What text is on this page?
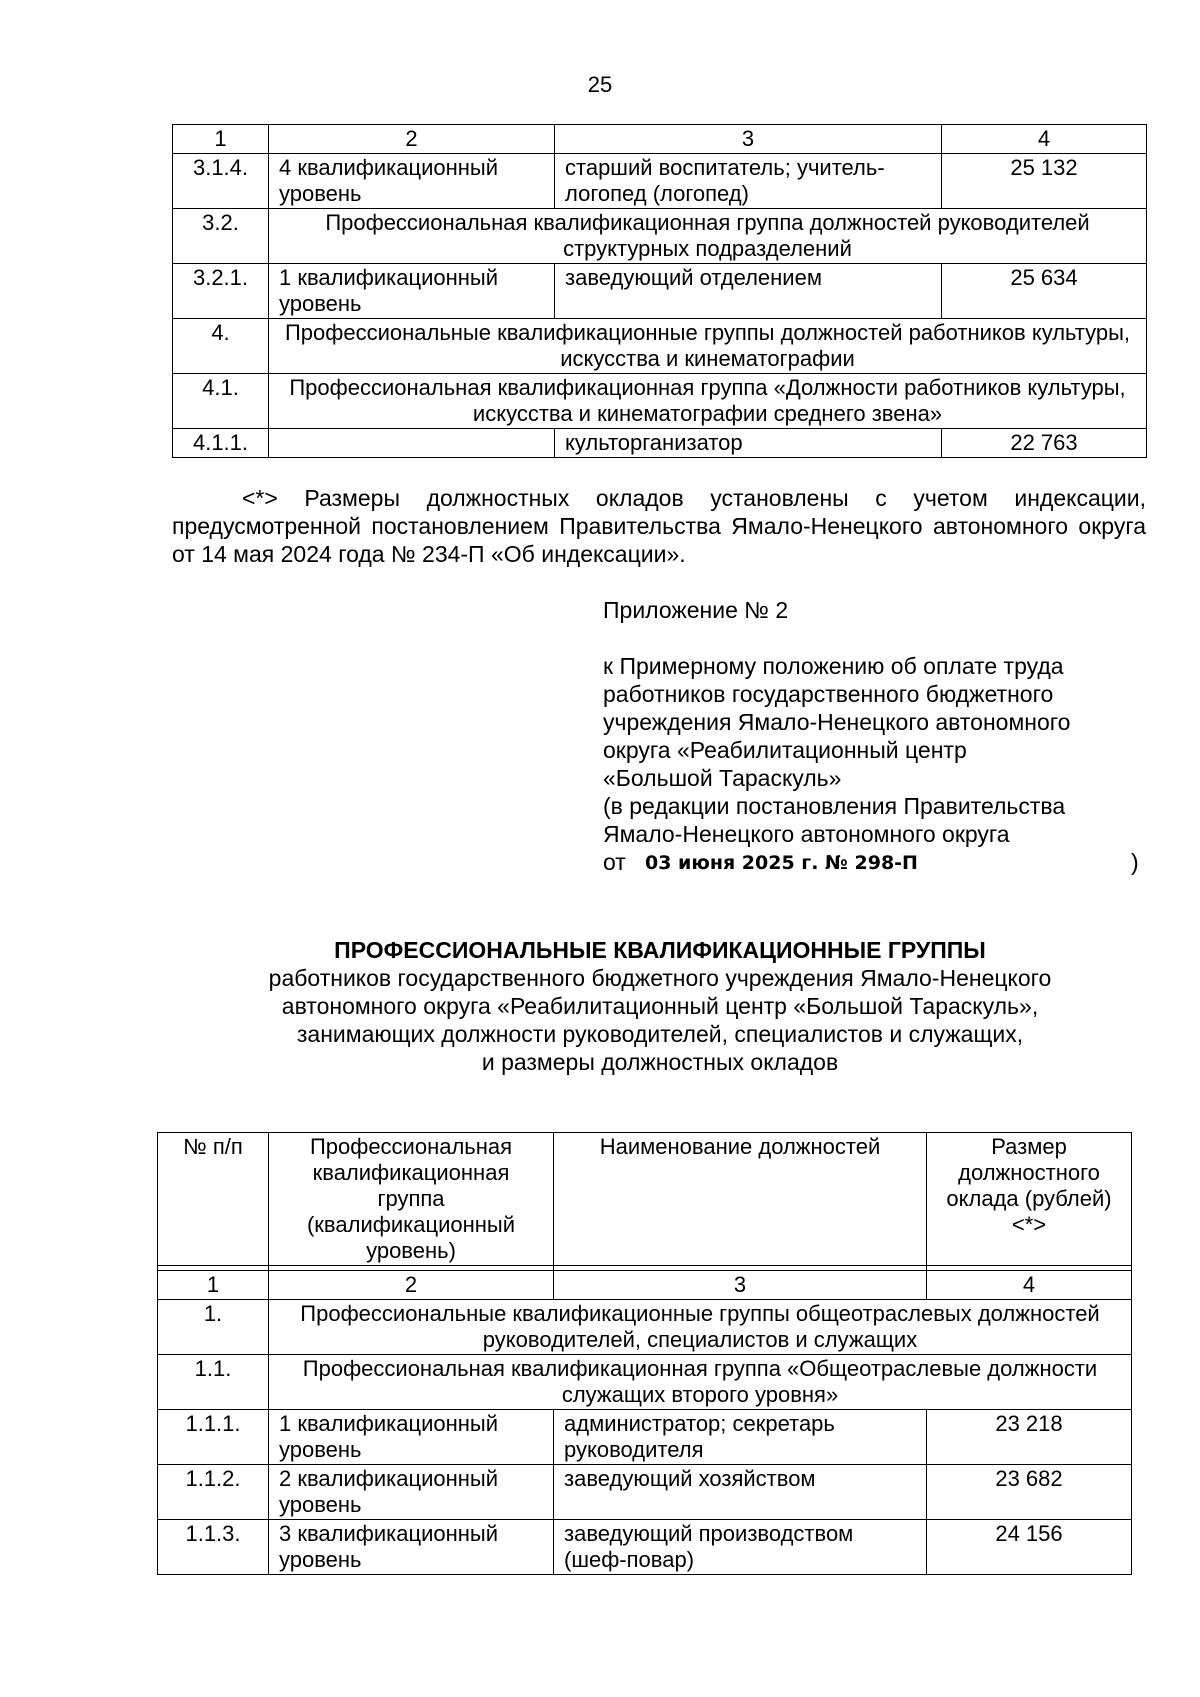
25
1	2	3	4
3.1.4.	4 квалификационный уровень	старший воспитатель; учитель-логопед (логопед)	25 132
3.2.	Профессиональная квалификационная группа должностей руководителей структурных подразделений		
3.2.1.	1 квалификационный уровень	заведующий отделением	25 634
4.	Профессиональные квалификационные группы должностей работников культуры, искусства и кинематографии		
4.1.	Профессиональная квалификационная группа «Должности работников культуры, искусства и кинематографии среднего звена»		
4.1.1.		культорганизатор	22 763
<*> Размеры должностных окладов установлены с учетом индексации, предусмотренной постановлением Правительства Ямало-Ненецкого автономного округа от 14 мая 2024 года № 234-П «Об индексации».
Приложение № 2
к Примерному положению об оплате труда
работников государственного бюджетного
учреждения Ямало-Ненецкого автономного
округа «Реабилитационный центр
«Большой Тараскуль»
(в редакции постановления Правительства
Ямало-Ненецкого автономного округа
от 03 июня 2025 г. № 298-П	)
ПРОФЕССИОНАЛЬНЫЕ КВАЛИФИКАЦИОННЫЕ ГРУППЫ
работников государственного бюджетного учреждения Ямало-Ненецкого
автономного округа «Реабилитационный центр «Большой Тараскуль»,
занимающих должности руководителей, специалистов и служащих,
и размеры должностных окладов
№ п/п	Профессиональная квалификационная группа (квалификационный уровень)	Наименование должностей	Размер должностного оклада (рублей) <*>

1	2	3	4
1.	Профессиональные квалификационные группы общеотраслевых должностей руководителей, специалистов и служащих		
1.1.	Профессиональная квалификационная группа «Общеотраслевые должности служащих второго уровня»		
1.1.1.	1 квалификационный уровень	администратор; секретарь руководителя	23 218
1.1.2.	2 квалификационный уровень	заведующий хозяйством	23 682
1.1.3.	3 квалификационный уровень	заведующий производством (шеф-повар)	24 156
